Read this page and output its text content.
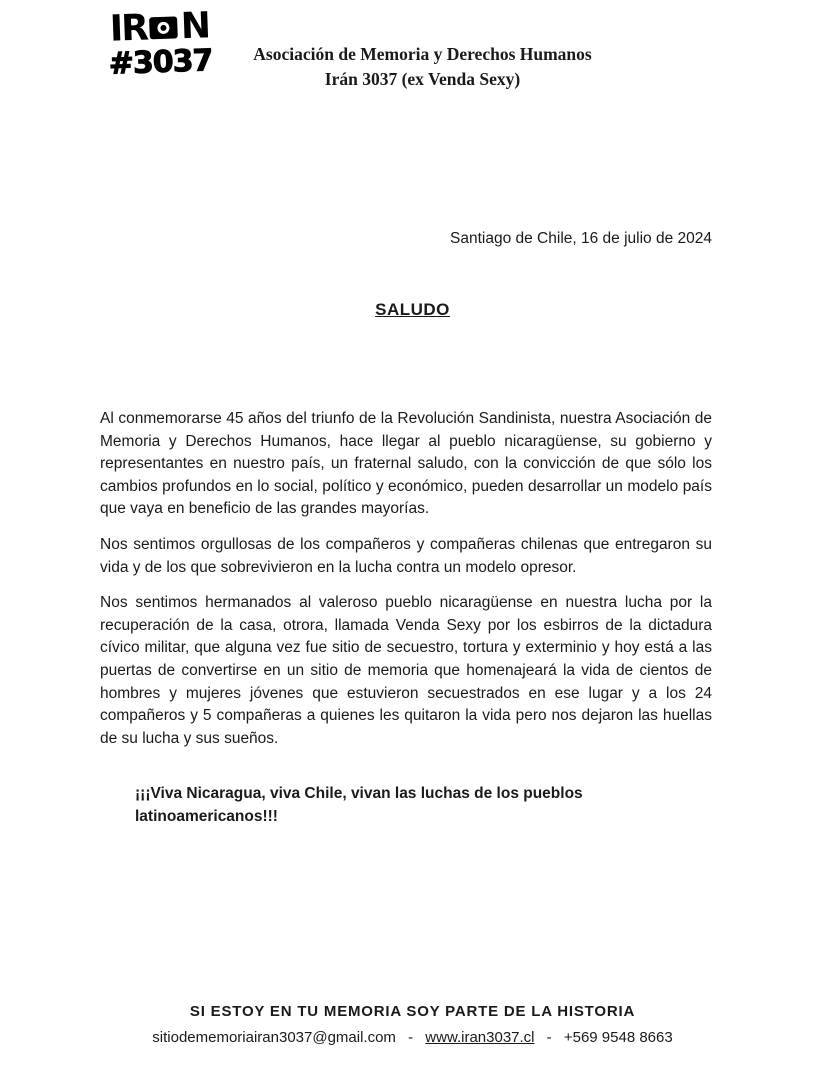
IR N
#3037	Asociación de Memoria y Derechos Humanos
Irán 3037 (ex Venda Sexy)
Santiago de Chile, 16 de julio de 2024
SALUDO

Al conmemorarse 45 años del triunfo de la Revolución Sandinista, nuestra Asociación de Memoria y Derechos Humanos, hace llegar al pueblo nicaragüense, su gobierno y representantes en nuestro país, un fraternal saludo, con la convicción de que sólo los cambios profundos en lo social, político y económico, pueden desarrollar un modelo país que vaya en beneficio de las grandes mayorías.

Nos sentimos orgullosas de los compañeros y compañeras chilenas que entregaron su vida y de los que sobrevivieron en la lucha contra un modelo opresor.

Nos sentimos hermanados al valeroso pueblo nicaragüense en nuestra lucha por la recuperación de la casa, otrora, llamada Venda Sexy por los esbirros de la dictadura cívico militar, que alguna vez fue sitio de secuestro, tortura y exterminio y hoy está a las puertas de convertirse en un sitio de memoria que homenajeará la vida de cientos de hombres y mujeres jóvenes que estuvieron secuestrados en ese lugar y a los 24 compañeros y 5 compañeras a quienes les quitaron la vida pero nos dejaron las huellas de su lucha y sus sueños.

¡¡¡Viva Nicaragua, viva Chile, vivan las luchas de los pueblos latinoamericanos!!!
SI ESTOY EN TU MEMORIA SOY PARTE DE LA HISTORIA
sitiodememoriairan3037@gmail.com - www.iran3037.cl - +569 9548 8663
